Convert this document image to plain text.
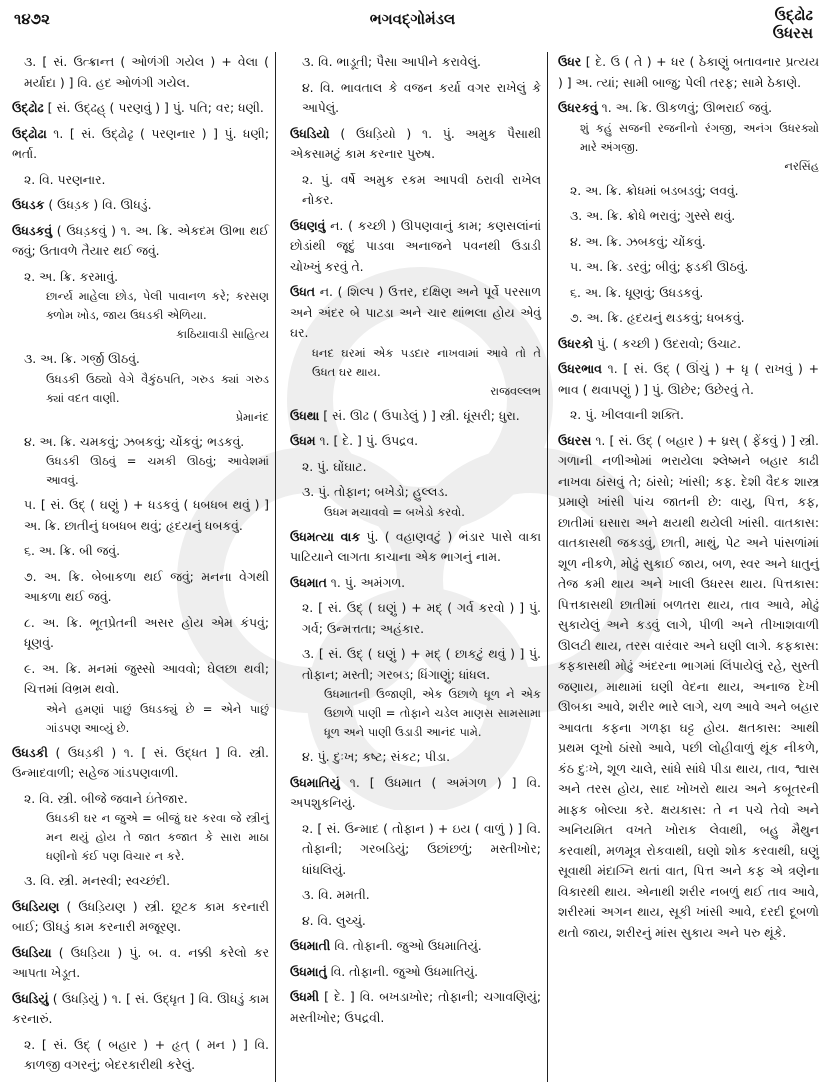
૧૪૭૨	ભગવદ્ગોમંડલ	ઉદ્ઢોઢ
ઉધરસ
૩. [ સં. ઉત્ક્રાન્ત ( ઓળંગી ગયેલ ) + વેલા ( મર્યાદા ) ] વિ. હદ ઓળંગી ગયેલ.
ઉદ્ઢોઢ [ સં. ઉદ્ઢહ્ ( પરણવું ) ] પું. પતિ; વર; ધણી.
ઉદ્ઢોઢા ૧. [ સં. ઉદ્ઢોઢૃ ( પરણનાર ) ] પું. ધણી; ભર્તા.
૨. વિ. પરણનાર.
ઉધડક ( ઉધડ઼ક ) વિ. ઊધડું.
ઉધડકવું ( ઉધડ઼કવું ) ૧. અ. ક્રિ. એકદમ ઊભા થઈ જવું; ઉતાવળે તૈયાર થઈ જવું.
૨. અ. ક્રિ. કરમાવું.
છાર્ન્ય માહેલા છોડ, પેલી પાવાનળ કરે; કરસણ ક્ળોમ ખોડ, જાય ઉધડકી એળિયા.
કાઠિયાવાડી સાહિત્ય
૩. અ. ક્રિ. ગર્જી ઊઠવું.
ઉધડકી ઉઠ્યો વેગે વૈકુંઠપતિ, ગરુડ ક્યાં ગરુડ ક્યાં વદત વાણી.
પ્રેમાનંદ
૪. અ. ક્રિ. ચમકવું; ઝબકવું; ચોંકવું; ભડકવું.
ઉધડકી ઊઠવું = ચમકી ઊઠવું; આવેશમાં આવવું.
૫. [ સં. ઉદ્ ( ઘણું ) + ધડકવું ( ધબધબ થવું ) ] અ. ક્રિ. છાતીનું ધબધબ થવું; હૃદયનું ધબકવું.
૬. અ. ક્રિ. બી જવું.
૭. અ. ક્રિ. બેબાકળા થઈ જવું; મનના વેગથી આકળા થઈ જવું.
૮. અ. ક્રિ. ભૂતપ્રેતની અસર હોય એમ કંપવું; ધૂણવું.
૯. અ. ક્રિ. મનમાં જુસ્સો આવવો; ઘેલછા થવી; ચિત્તમાં વિભ્રમ થવો.
એને હમણાં પાછું ઉધડક્યું છે = એને પાછું ગાંડપણ આવ્યું છે.
ઉધડકી ( ઉધડ઼કી ) ૧. [ સં. ઉદ્ધત ] વિ. સ્ત્રી. ઉન્માદવાળી; સહેજ ગાંડપણવાળી.
૨. વિ. સ્ત્રી. બીજે જવાને ઇંતેજાર.
ઉધડકી ઘર ન જુએ = બીજું ઘર કરવા જે સ્ત્રીનું મન થયું હોય તે જાત કજાત કે સારા માઠા ધણીનો કંઈ પણ વિચાર ન કરે.
૩. વિ. સ્ત્રી. મનસ્વી; સ્વચ્છંદી.
ઉધડિયણ ( ઉધડ઼િયણ ) સ્ત્રી. છૂટક કામ કરનારી બાઈ; ઊધડું કામ કરનારી મજૂરણ.
ઉધડિયા ( ઉધડ઼િયા ) પું. બ. વ. નક્કી કરેલો કર આપતા ખેડૂત.
ઉધડિયું ( ઉધડ઼િયું ) ૧. [ સં. ઉદ્ધૃત ] વિ. ઊધડું કામ કરનારું.
૨. [ સં. ઉદ્ ( બહાર ) + હૃત્ ( મન ) ] વિ. કાળજી વગરનું; બેદરકારીથી કરેલું.
૩. વિ. ભાડૂતી; પૈસા આપીને કરાવેલું.
૪. વિ. ભાવતાલ કે વજન કર્યા વગર રાખેલું કે આપેલું.
ઉધડિયો ( ઉધડ઼િયો ) ૧. પું. અમુક પૈસાથી એકસામટું કામ કરનાર પુરુષ.
૨. પું. વર્ષે અમુક રકમ આપવી ઠરાવી રાખેલ નોકર.
ઉધણવું ન. ( કચ્છી ) ઊપણવાનું કામ; કણસલાંનાં છોડાંથી જૂદું પાડવા અનાજને પવનથી ઉડાડી ચોખ્ખું કરવું તે.
ઉધત ન. ( શિલ્પ ) ઉત્તર, દક્ષિણ અને પૂર્વે પરસાળ અને અંદર બે પાટડા અને ચાર થાંભલા હોય એવું ઘર.
ધનદ ઘરમાં એક પડદાર નાખવામાં આવે તો તે ઉધત ઘર થાય.
રાજવલ્લભ
ઉધથા [ સં. ઊઢ ( ઉપાડેલું ) ] સ્ત્રી. ધૂંસરી; ધુરા.
ઉધમ ૧. [ દે. ] પું. ઉપદ્રવ.
૨. પું. ઘોંઘાટ.
૩. પું. તોફાન; બખેડો; હુલ્લડ.
ઉધમ મચાવવો = બખેડો કરવો.
ઉધમત્યા વાક પું. ( વહાણવટું ) ભંડાર પાસે વાકા પાટિયાને લાગતા કાચાના એક ભાગનું નામ.
ઉધમાત ૧. પું. અમંગળ.
૨. [ સં. ઉદ્ ( ઘણું ) + મદ્ ( ગર્વ કરવો ) ] પું. ગર્વ; ઉન્મત્તતા; અહંકાર.
૩. [ સં. ઉદ્ ( ઘણું ) + મદ્ ( છાકટું થવું ) ] પું. તોફાન; મસ્તી; ગરબડ; ધિંગાણું; ધાંધલ.
ઉધમાતની ઉજાણી, એક ઉછાળે ધૂળ ને એક ઉછાળે પાણી = તોફાને ચડેલ માણસ સામસામા ધૂળ અને પાણી ઉડાડી આનંદ પામે.
૪. પું. દુઃખ; કષ્ટ; સંકટ; પીડા.
ઉધમાતિયું ૧. [ ઉધમાત ( અમંગળ ) ] વિ. અપશુકનિયું.
૨. [ સં. ઉન્માદ ( તોફાન ) + ઇય ( વાળું ) ] વિ. તોફાની; ગરબડિયું; ઉછાંછળું; મસ્તીખોર; ધાંધલિયું.
૩. વિ. મમતી.
૪. વિ. લુચ્ચું.
ઉધમાતી વિ. તોફાની. જુઓ ઉધમાતિયું.
ઉધમાતું વિ. તોફાની. જુઓ ઉધમાતિયું.
ઉધમી [ દે. ] વિ. બખડાખોર; તોફાની; ચગાવણિયું; મસ્તીખોર; ઉપદ્રવી.
ઉધર [ દે. ઉ ( તે ) + ધર ( ઠેકાણું બતાવનાર પ્રત્યય ) ] અ. ત્યાં; સામી બાજુ; પેલી તરફ; સામે ઠેકાણે.
ઉધરકવું ૧. અ. ક્રિ. ઊકળવું; ઊભરાઈ જવું.
શું કહું સજની રજનીનો રંગજી, અનંગ ઉધરક્યો મારે અંગજી.
નરસિંહ
૨. અ. ક્રિ. ક્રોધમાં બડબડવું; લવવું.
૩. અ. ક્રિ. ક્રોધે ભરાવું; ગુસ્સે થવું.
૪. અ. ક્રિ. ઝબકવું; ચોંકવું.
૫. અ. ક્રિ. ડરવું; બીવું; ફડકી ઊઠવું.
૬. અ. ક્રિ. ધૂણવું; ઉધડકવું.
૭. અ. ક્રિ. હૃદયનું થડકવું; ધબકવું.
ઉધરકો પું. ( કચ્છી ) ઉદરાવો; ઉચાટ.
ઉધરભાવ ૧. [ સં. ઉદ્ ( ઊંચું ) + ધૃ ( રાખવું ) + ભાવ ( થવાપણું ) ] પું. ઊછેર; ઉછેરવું તે.
૨. પું. ખીલવાની શક્તિ.
ઉધરસ ૧. [ સં. ઉદ્ ( બહાર ) + ધ્રસ્ ( ફેંકવું ) ] સ્ત્રી. ગળાની નળીઓમાં ભરાયેલા શ્લેષ્મને બહાર કાઢી નાખવા ઠાંસવું તે; ઠાંસો; ખાંસી; કફ. દેશી વૈદક શાસ્ત્ર પ્રમાણે ખાંસી પાંચ જાતની છે: વાયુ, પિત્ત, કફ, છાતીમાં ઘસારા અને ક્ષયથી થયેલી ખાંસી. વાતકાસ: વાતકાસથી જકડવું, છાતી, માથું, પેટ અને પાંસળાંમાં શૂળ નીકળે, મોઢું સુકાઈ જાય, બળ, સ્વર અને ધાતુનું તેજ કમી થાય અને ખાલી ઉધરસ થાય. પિત્તકાસ: પિત્તકાસથી છાતીમાં બળતરા થાય, તાવ આવે, મોઢું સુકાયેલું અને કડવું લાગે, પીળી અને તીખાશવાળી ઊલટી થાય, તરસ વારંવાર અને ઘણી લાગે. કફકાસ: કફકાસથી મોઢું અંદરના ભાગમાં લિંપાયેલું રહે, સુસ્તી જણાય, માથામાં ઘણી વેદના થાય, અનાજ દેખી ઊબકા આવે, શરીર ભારે લાગે, ચળ આવે અને બહાર આવતા કફના ગળફા ઘટ્ટ હોય. ક્ષતકાસ: આથી પ્રથમ લૂખો ઠાંસો આવે, પછી લોહીવાળું થૂંક નીકળે, કંઠ દુઃખે, શૂળ ચાલે, સાંધે સાંધે પીડા થાય, તાવ, શ્વાસ અને તરસ હોય, સાદ ખોખરો થાય અને કબૂતરની માફક બોલ્યા કરે. ક્ષયકાસ: તે ન પચે તેવો અને અનિયમિત વખતે ખોરાક લેવાથી, બહુ મૈથુન કરવાથી, મળમૂત્ર રોકવાથી, ઘણો શોક કરવાથી, ઘણું સૂવાથી મંદાગ્નિ થતાં વાત, પિત્ત અને કફ એ ત્રણેના વિકારથી થાય. એનાથી શરીર નબળું થઈ તાવ આવે, શરીરમાં અગન થાય, સૂકી ખાંસી આવે, દરદી દૂબળો થતો જાય, શરીરનું માંસ સુકાય અને પરુ થૂંકે.
